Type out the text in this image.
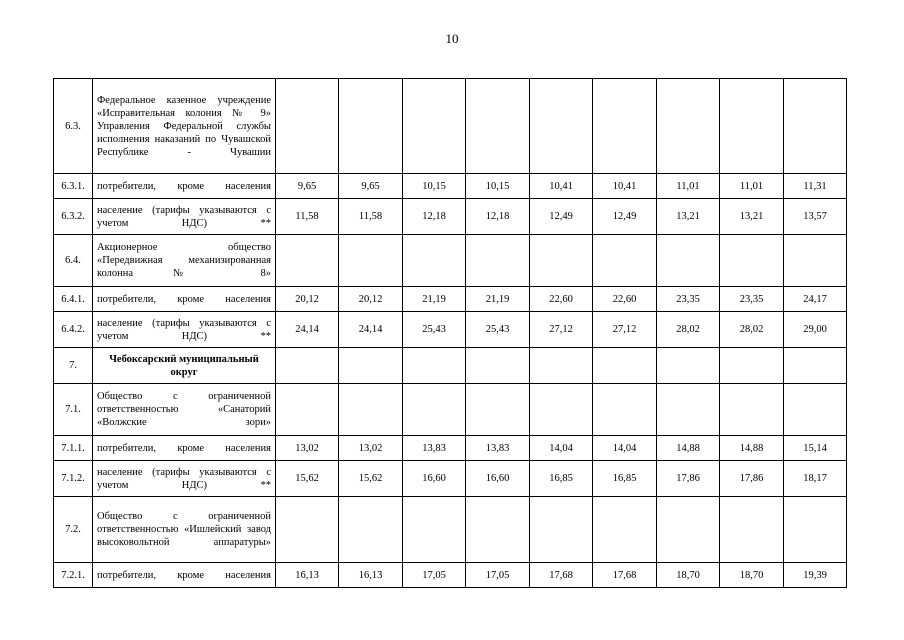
10
6.3.	Федеральное казенное учреждение «Исправительная колония № 9» Управления Федеральной службы исполнения наказаний по Чувашской Республике - Чувашии									
6.3.1.	потребители, кроме населения	9,65	9,65	10,15	10,15	10,41	10,41	11,01	11,01	11,31
6.3.2.	население (тарифы указываются с учетом НДС) **	11,58	11,58	12,18	12,18	12,49	12,49	13,21	13,21	13,57
6.4.	Акционерное общество «Передвижная механизированная колонна № 8»									
6.4.1.	потребители, кроме населения	20,12	20,12	21,19	21,19	22,60	22,60	23,35	23,35	24,17
6.4.2.	население (тарифы указываются с учетом НДС) **	24,14	24,14	25,43	25,43	27,12	27,12	28,02	28,02	29,00
7.	Чебоксарский муниципальный округ									
7.1.	Общество с ограниченной ответственностью «Санаторий «Волжские зори»									
7.1.1.	потребители, кроме населения	13,02	13,02	13,83	13,83	14,04	14,04	14,88	14,88	15,14
7.1.2.	население (тарифы указываются с учетом НДС) **	15,62	15,62	16,60	16,60	16,85	16,85	17,86	17,86	18,17
7.2.	Общество с ограниченной ответственностью «Ишлейский завод высоковольтной аппаратуры»									
7.2.1.	потребители, кроме населения	16,13	16,13	17,05	17,05	17,68	17,68	18,70	18,70	19,39
